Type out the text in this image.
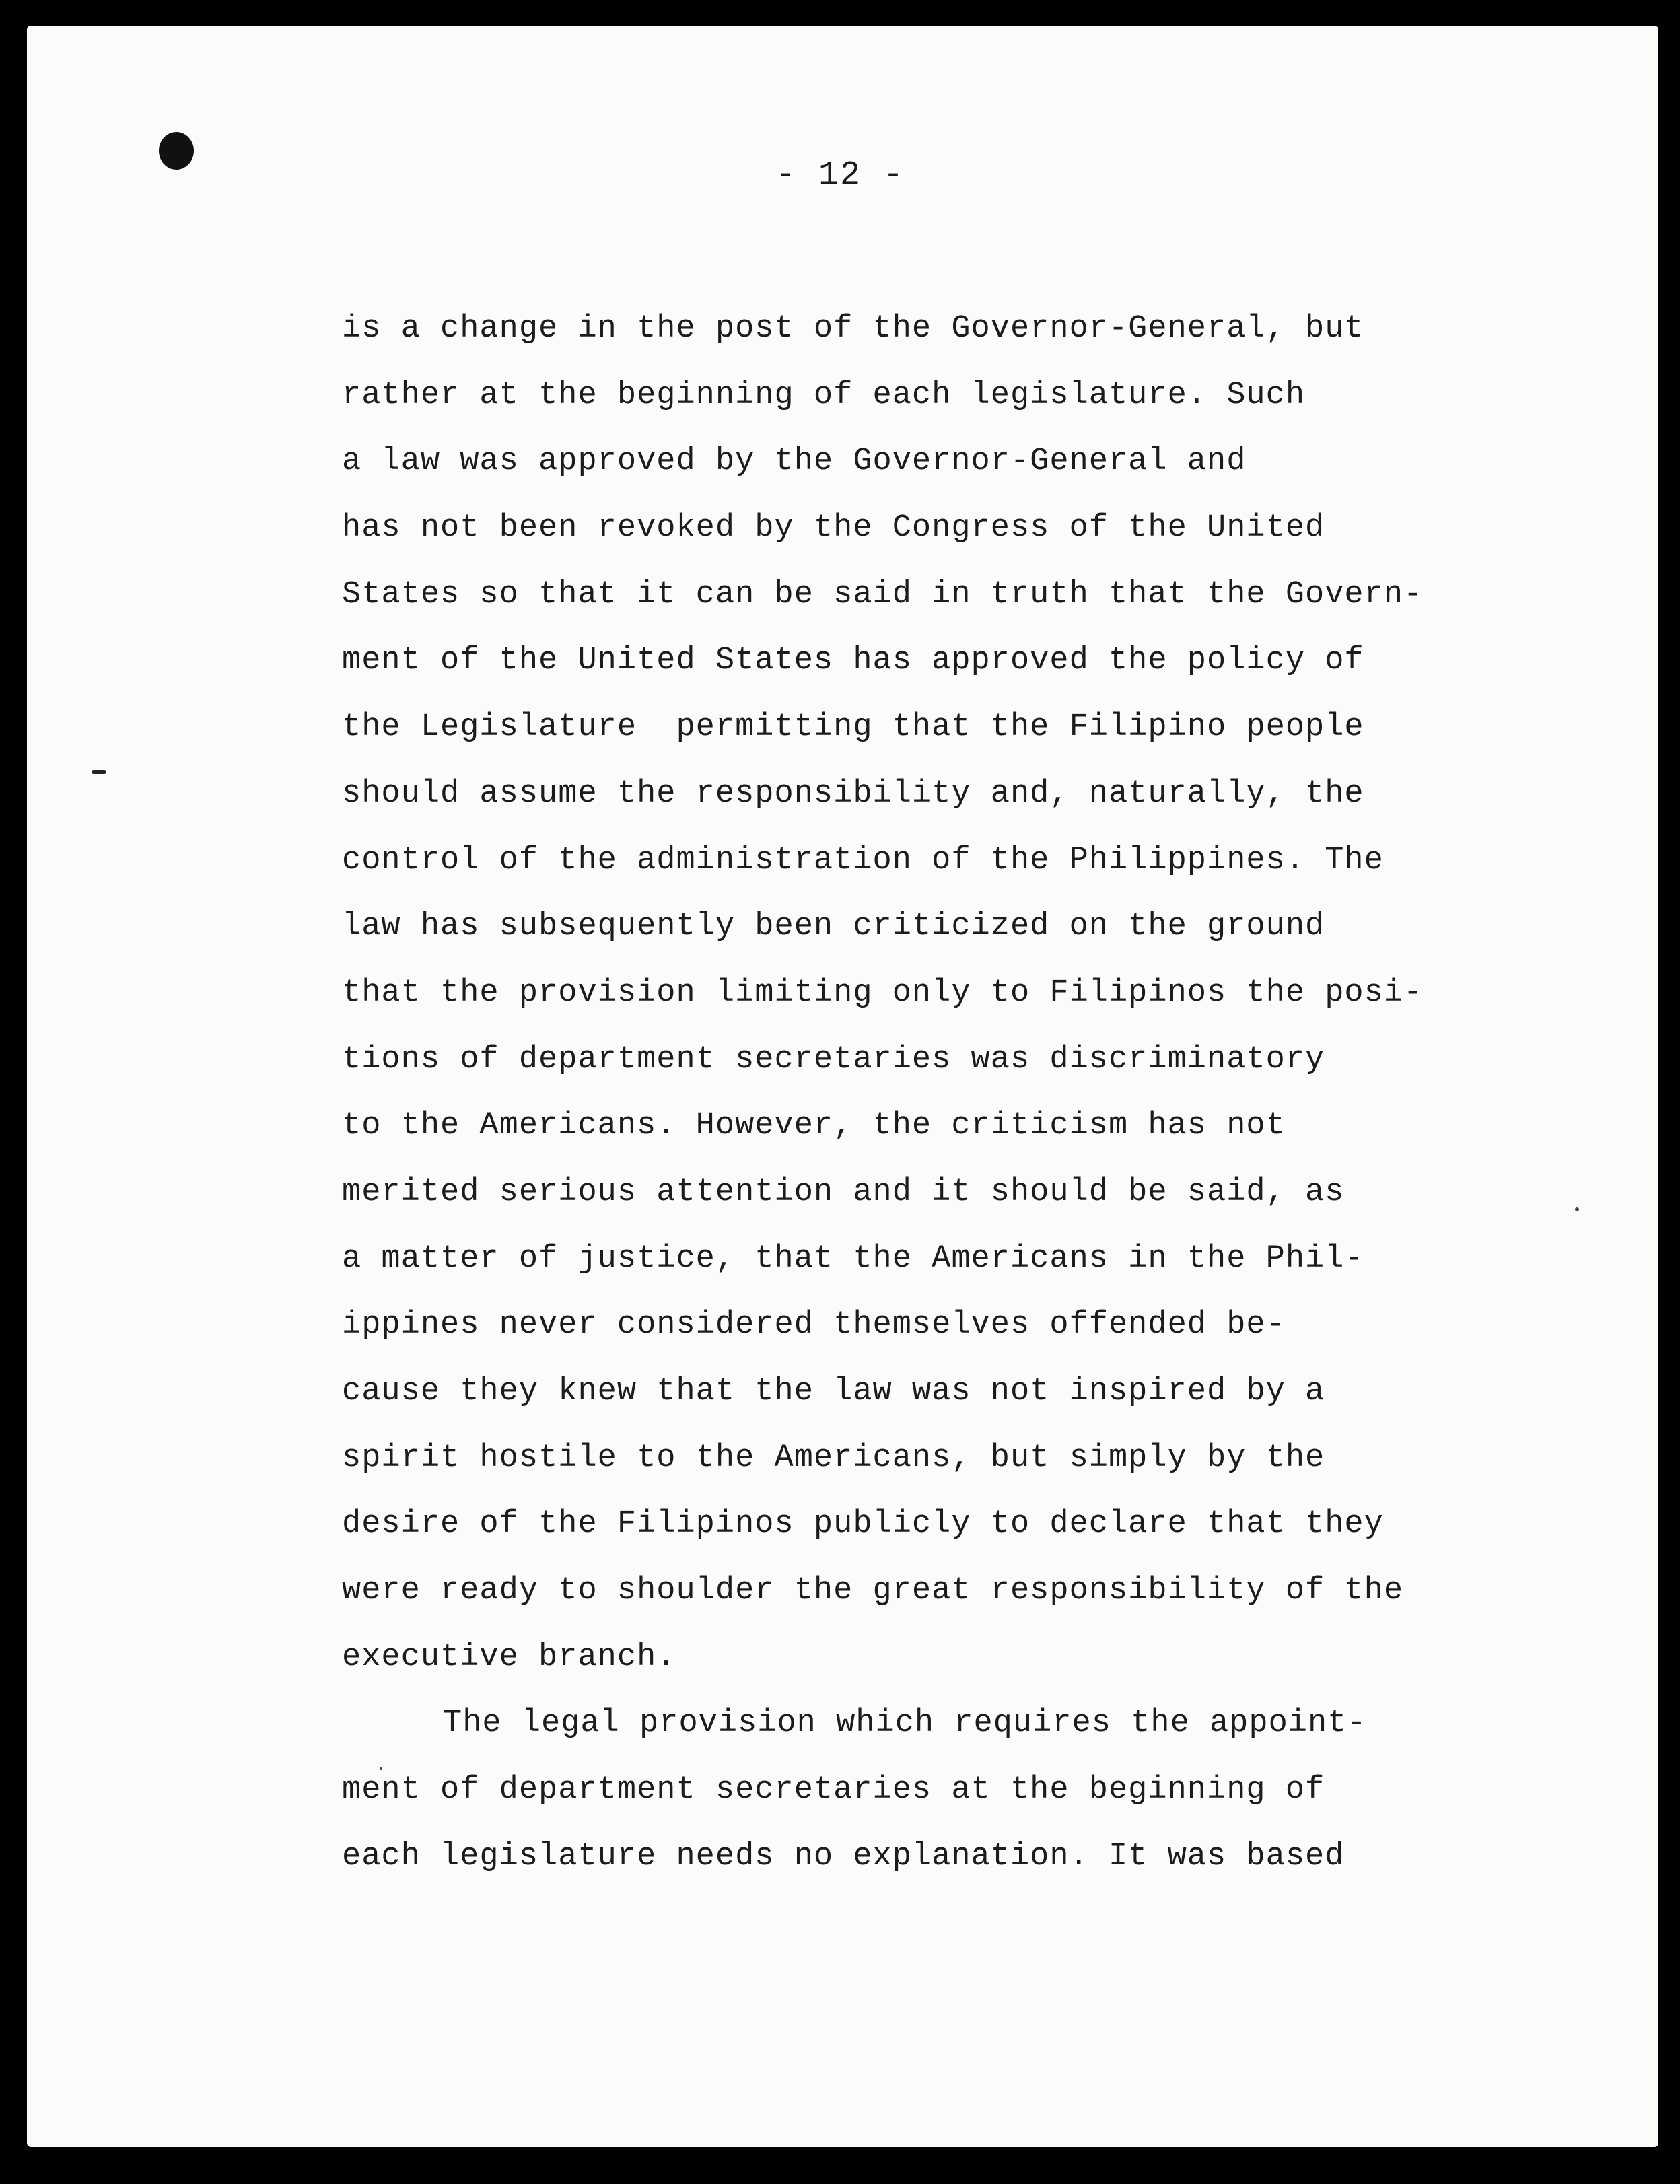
- 12 -
is a change in the post of the Governor-General, but
rather at the beginning of each legislature. Such
a law was approved by the Governor-General and
has not been revoked by the Congress of the United
States so that it can be said in truth that the Govern-
ment of the United States has approved the policy of
the Legislature  permitting that the Filipino people
should assume the responsibility and, naturally, the
control of the administration of the Philippines. The
law has subsequently been criticized on the ground
that the provision limiting only to Filipinos the posi-
tions of department secretaries was discriminatory
to the Americans. However, the criticism has not
merited serious attention and it should be said, as
a matter of justice, that the Americans in the Phil-
ippines never considered themselves offended be-
cause they knew that the law was not inspired by a
spirit hostile to the Americans, but simply by the
desire of the Filipinos publicly to declare that they
were ready to shoulder the great responsibility of the
executive branch.
The legal provision which requires the appoint-
ment of department secretaries at the beginning of
each legislature needs no explanation. It was based
